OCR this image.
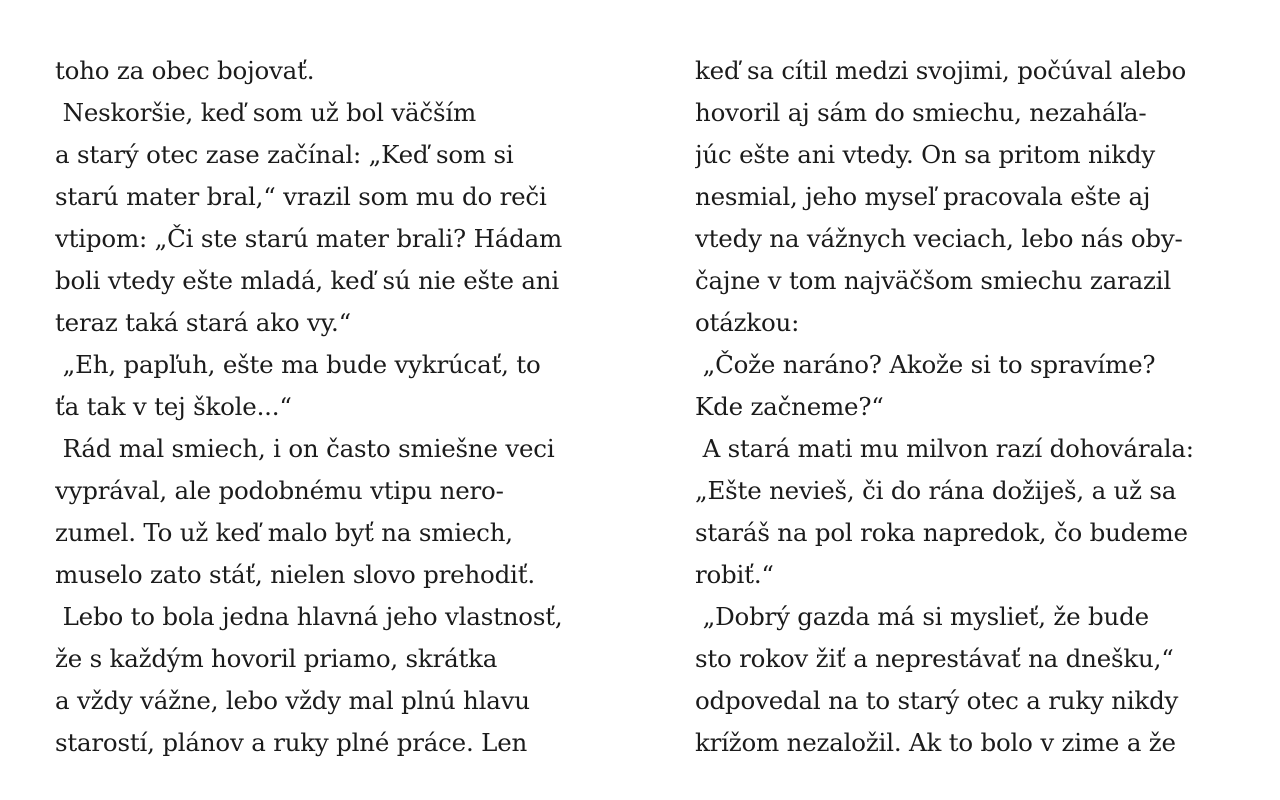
toho za obec bojovať.
Neskoršie, keď som už bol väčším
a starý otec zase začínal: „Keď som si
starú mater bral,“ vrazil som mu do reči
vtipom: „Či ste starú mater brali? Hádam
boli vtedy ešte mladá, keď sú nie ešte ani
teraz taká stará ako vy.“
„Eh, papľuh, ešte ma bude vykrúcať, to
ťa tak v tej škole...“
Rád mal smiech, i on často smiešne veci
vyprával, ale podobnému vtipu nero-
zumel. To už keď malo byť na smiech,
muselo zato stáť, nielen slovo prehodiť.
Lebo to bola jedna hlavná jeho vlastnosť,
že s každým hovoril priamo, skrátka
a vždy vážne, lebo vždy mal plnú hlavu
starostí, plánov a ruky plné práce. Len
keď sa cítil medzi svojimi, počúval alebo
hovoril aj sám do smiechu, nezaháľa-
júc ešte ani vtedy. On sa pritom nikdy
nesmial, jeho myseľ pracovala ešte aj
vtedy na vážnych veciach, lebo nás oby-
čajne v tom najväčšom smiechu zarazil
otázkou:
„Čože naráno? Akože si to spravíme?
Kde začneme?“
A stará mati mu milvon razí dohovárala:
„Ešte nevieš, či do rána dožiješ, a už sa
staráš na pol roka napredok, čo budeme
robiť.“
„Dobrý gazda má si myslieť, že bude
sto rokov žiť a neprestávať na dnešku,“
odpovedal na to starý otec a ruky nikdy
krížom nezaložil. Ak to bolo v zime a že
